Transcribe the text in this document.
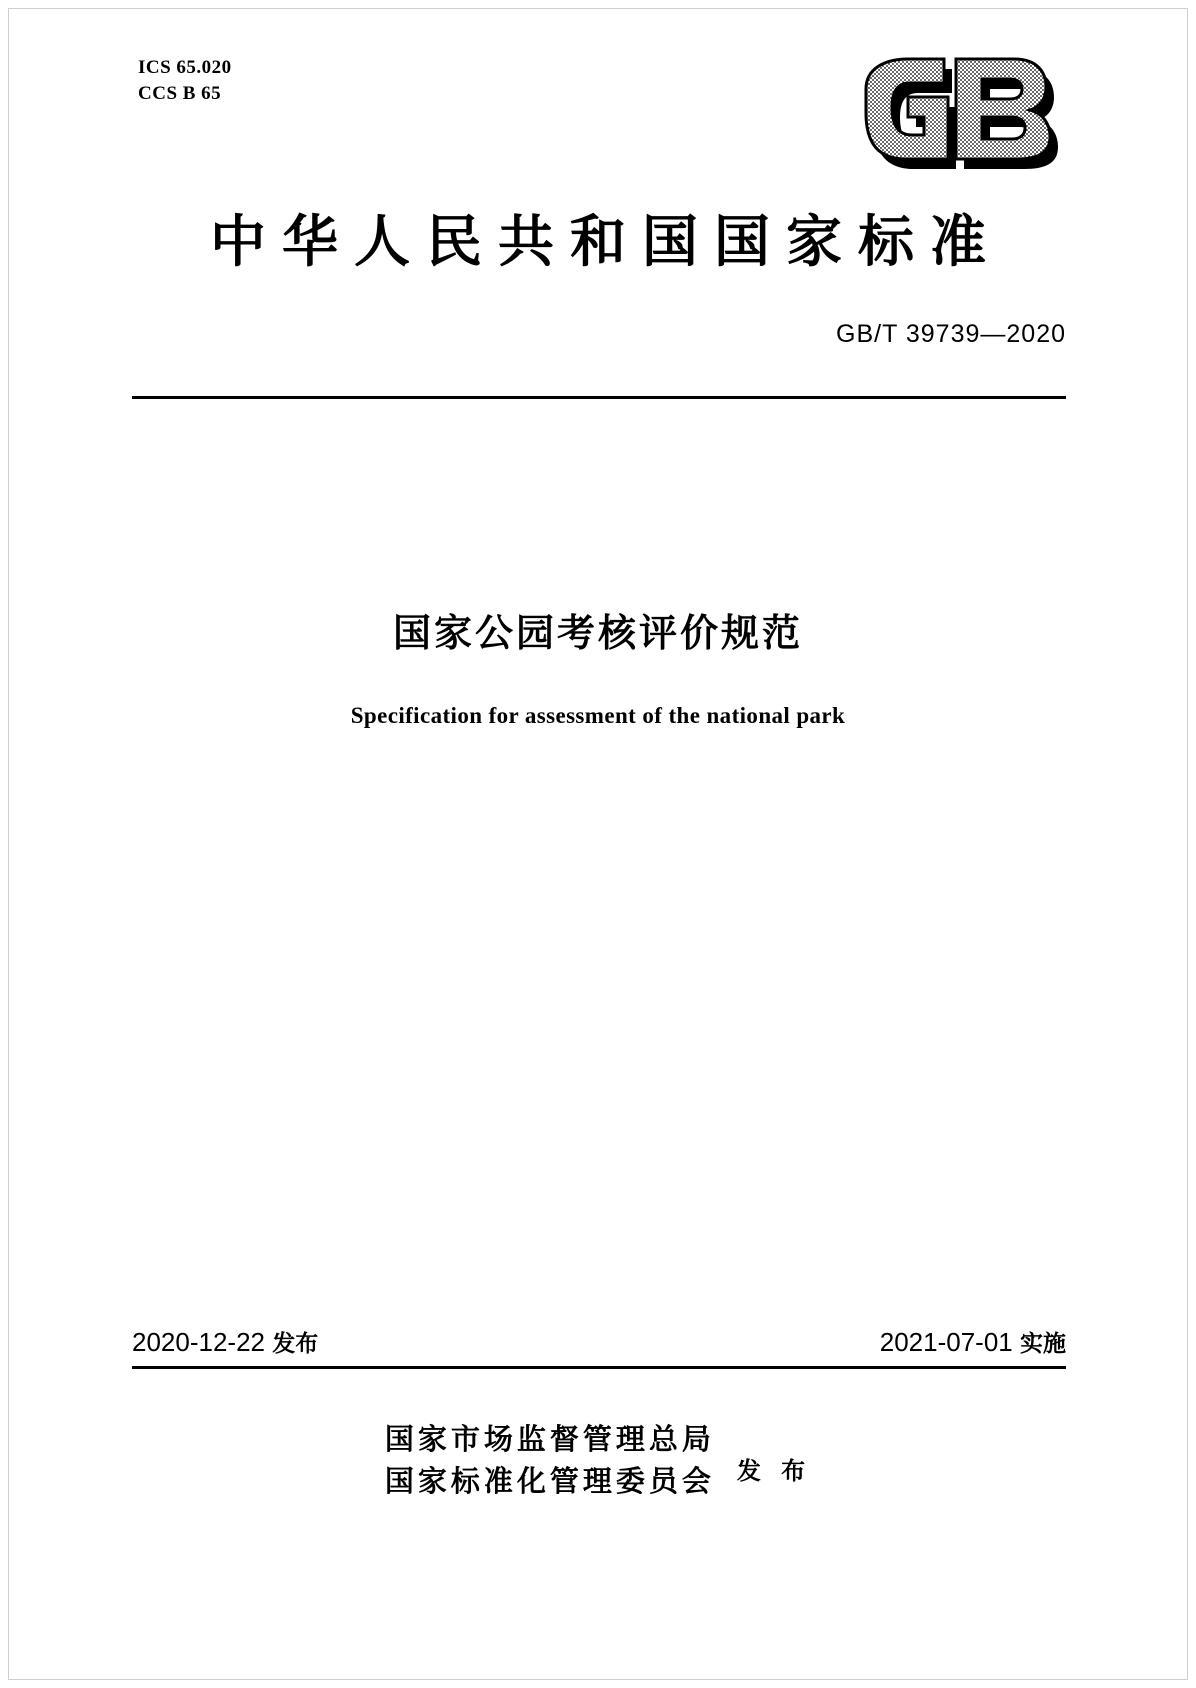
ICS 65.020
CCS B 65
中华人民共和国国家标准
GB/T 39739—2020
国家公园考核评价规范
Specification for assessment of the national park
2020-12-22 发布	2021-07-01 实施
国家市场监督管理总局
国家标准化管理委员会 发 布
